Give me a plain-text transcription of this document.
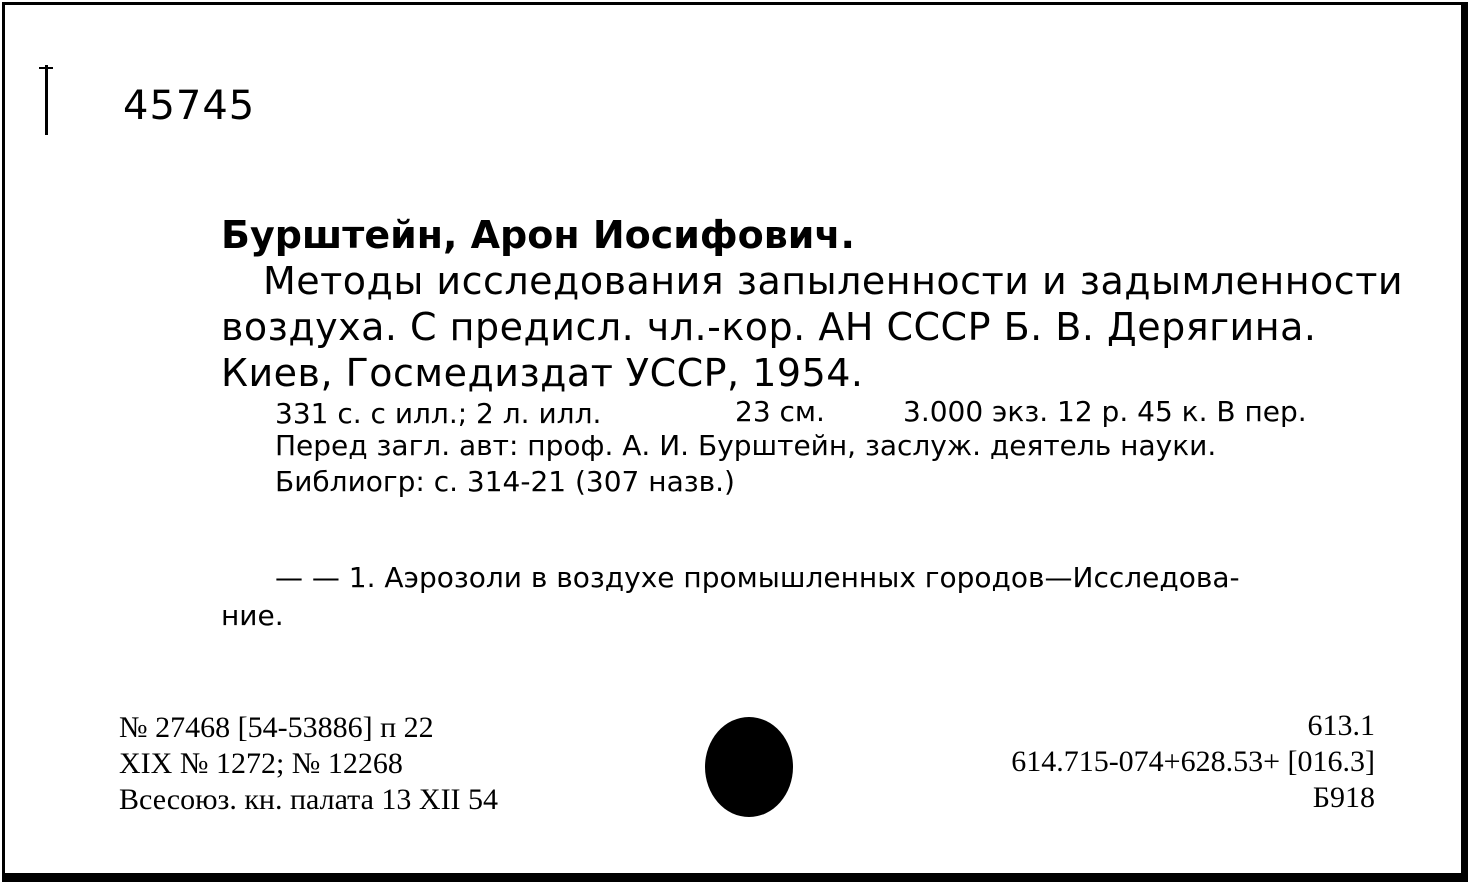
45745
Бурштейн, Арон Иосифович.
Методы исследования запыленности и задымленности
воздуха. С предисл. чл.-кор. АН СССР Б. В. Дерягина.
Киев, Госмедиздат УССР, 1954.
331 с. с илл.; 2 л. илл.	23 см.	3.000 экз. 12 р. 45 к. В пер.
Перед загл. авт: проф. А. И. Бурштейн, заслуж. деятель науки.
Библиогр: с. 314-21 (307 назв.)
— — 1. Аэрозоли в воздухе промышленных городов—Исследова-
ние.
№ 27468 [54-53886] п 22
XIX № 1272; № 12268
Всесоюз. кн. палата 13 XII 54
613.1
614.715-074+628.53+ [016.3]
Б918
